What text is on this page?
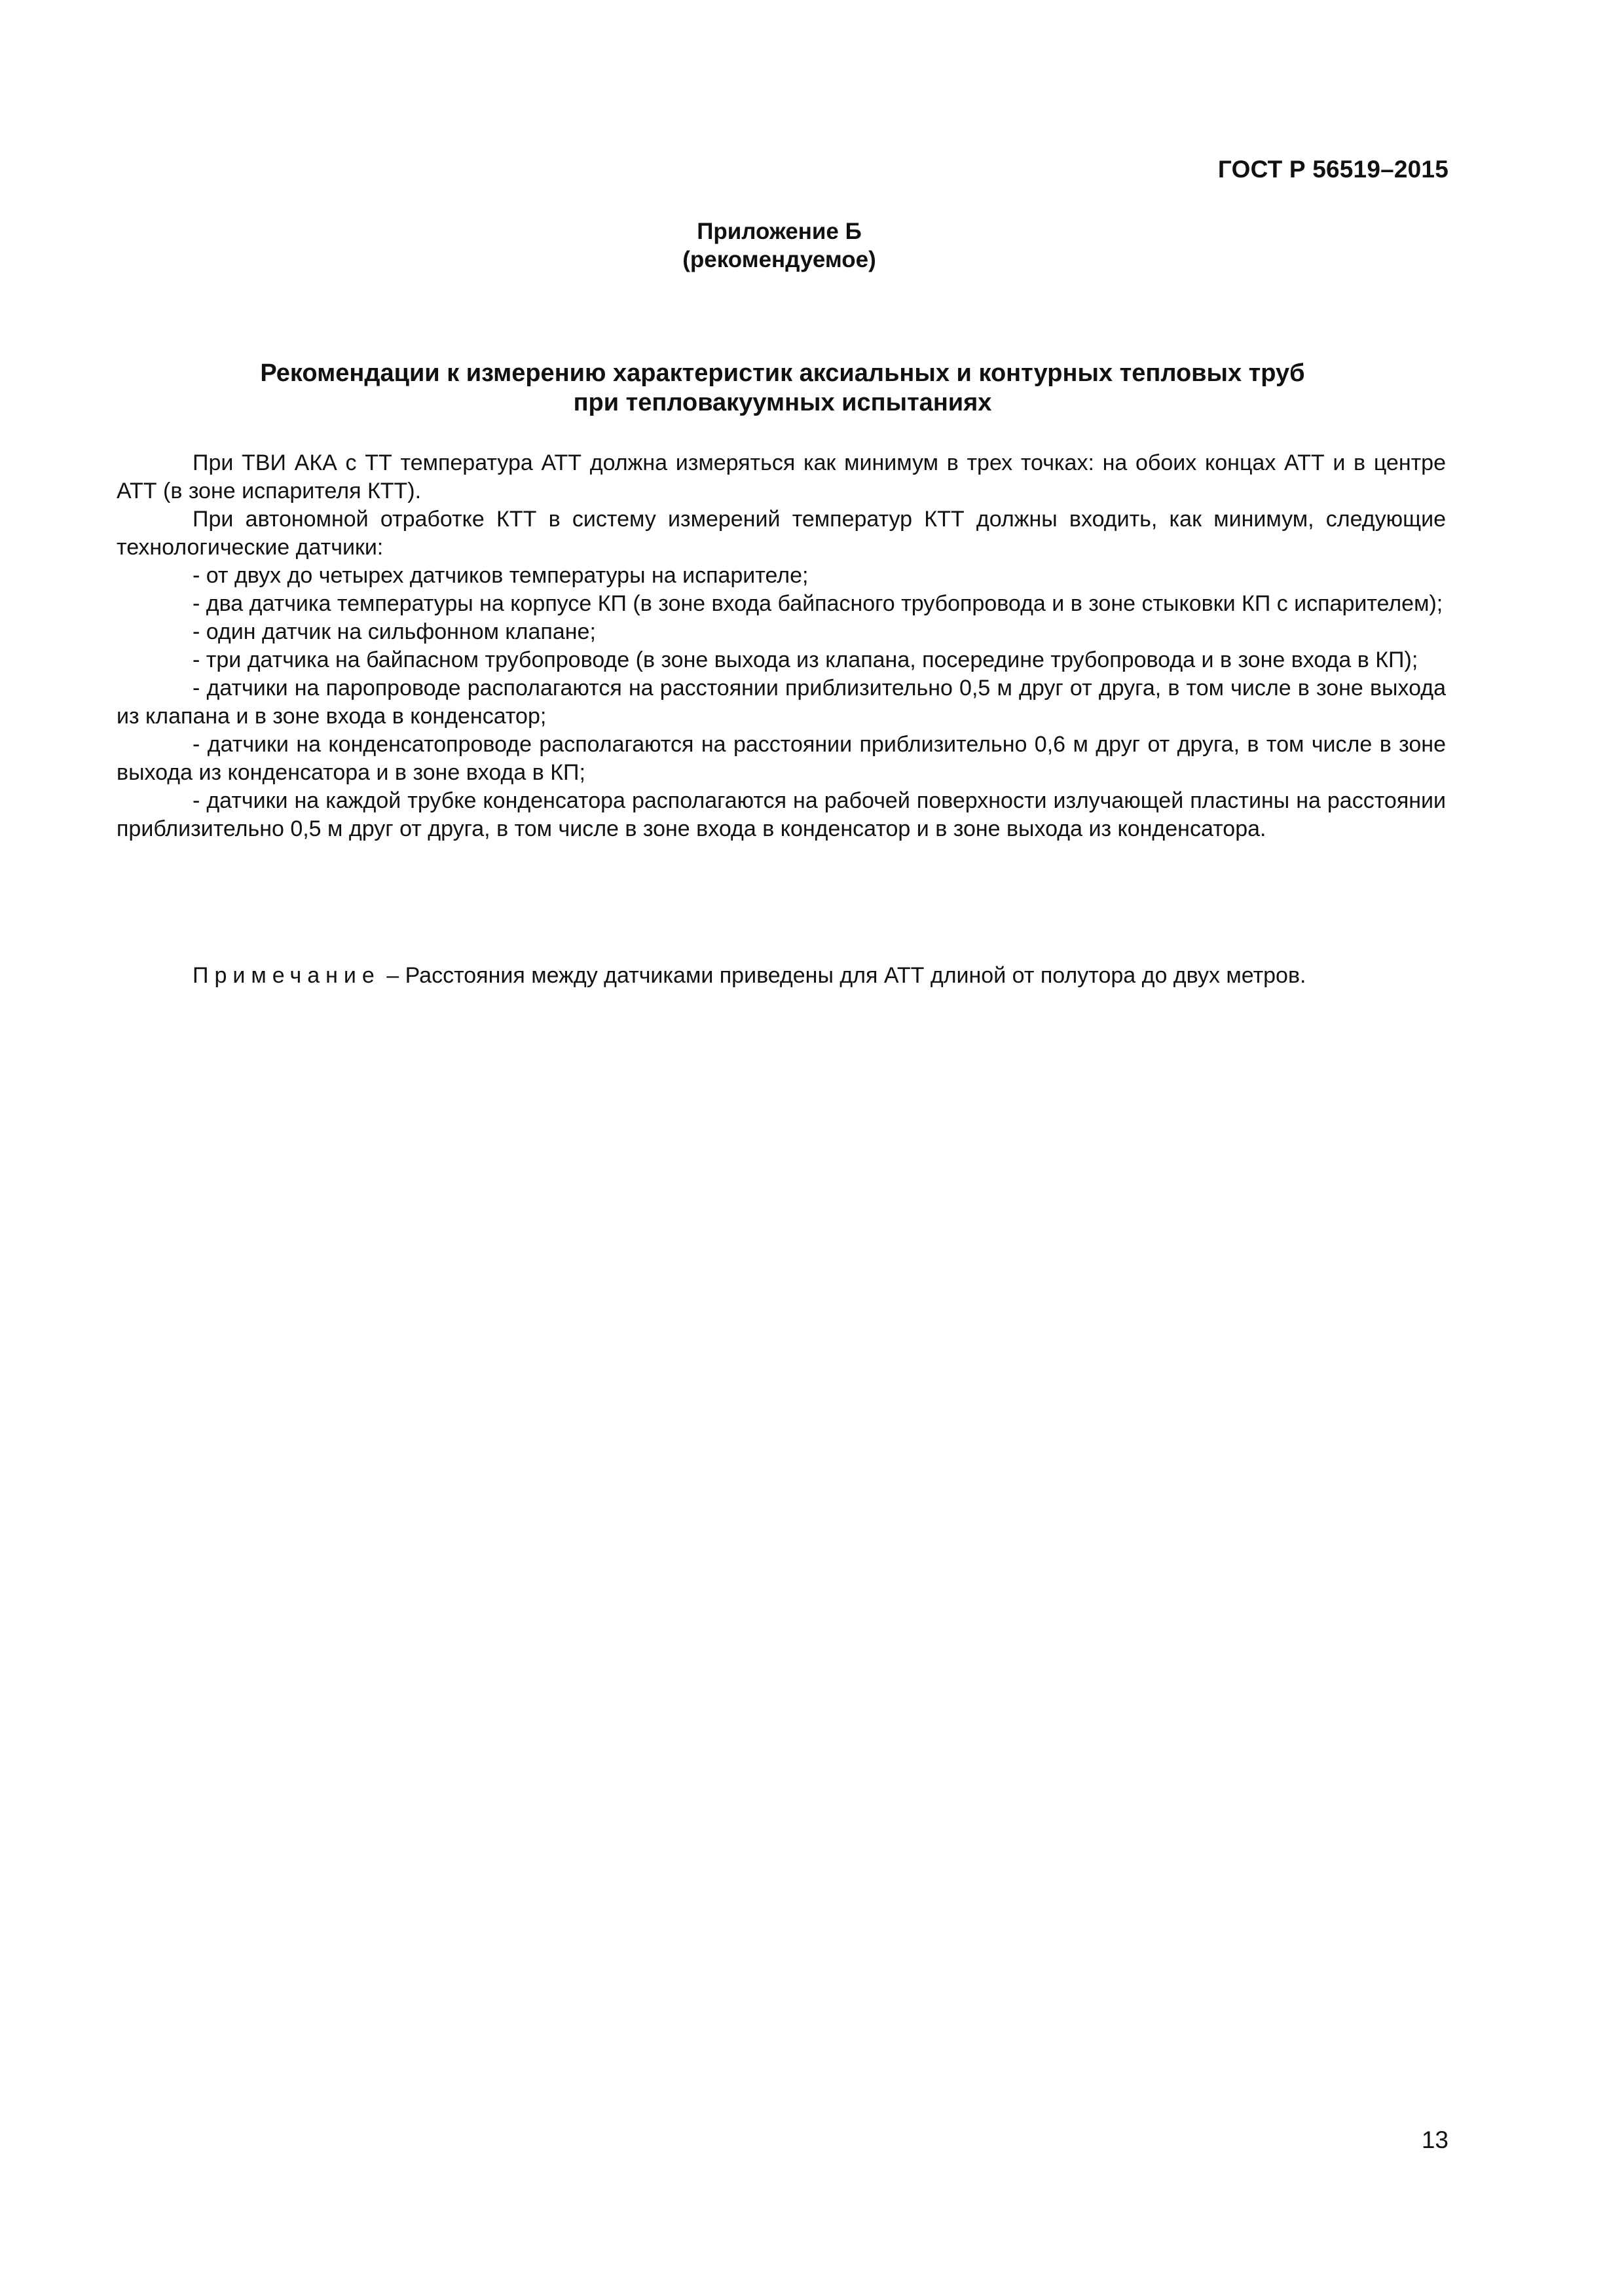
ГОСТ Р 56519–2015
Приложение Б
(рекомендуемое)
Рекомендации к измерению характеристик аксиальных и контурных тепловых труб
при тепловакуумных испытаниях

При ТВИ АКА с ТТ температура АТТ должна измеряться как минимум в трех точках: на обоих концах АТТ и в центре АТТ (в зоне испарителя КТТ).

При автономной отработке КТТ в систему измерений температур КТТ должны входить, как минимум, следующие технологические датчики:

- от двух до четырех датчиков температуры на испарителе;

- два датчика температуры на корпусе КП (в зоне входа байпасного трубопровода и в зоне стыковки КП с испарителем);

- один датчик на сильфонном клапане;

- три датчика на байпасном трубопроводе (в зоне выхода из клапана, посередине трубопровода и в зоне входа в КП);

- датчики на паропроводе располагаются на расстоянии приблизительно 0,5 м друг от друга, в том числе в зоне выхода из клапана и в зоне входа в конденсатор;

- датчики на конденсатопроводе располагаются на расстоянии приблизительно 0,6 м друг от друга, в том числе в зоне выхода из конденсатора и в зоне входа в КП;

- датчики на каждой трубке конденсатора располагаются на рабочей поверхности излучающей пластины на расстоянии приблизительно 0,5 м друг от друга, в том числе в зоне входа в конденсатор и в зоне выхода из конденсатора.

Примечание – Расстояния между датчиками приведены для АТТ длиной от полутора до двух метров.
13
